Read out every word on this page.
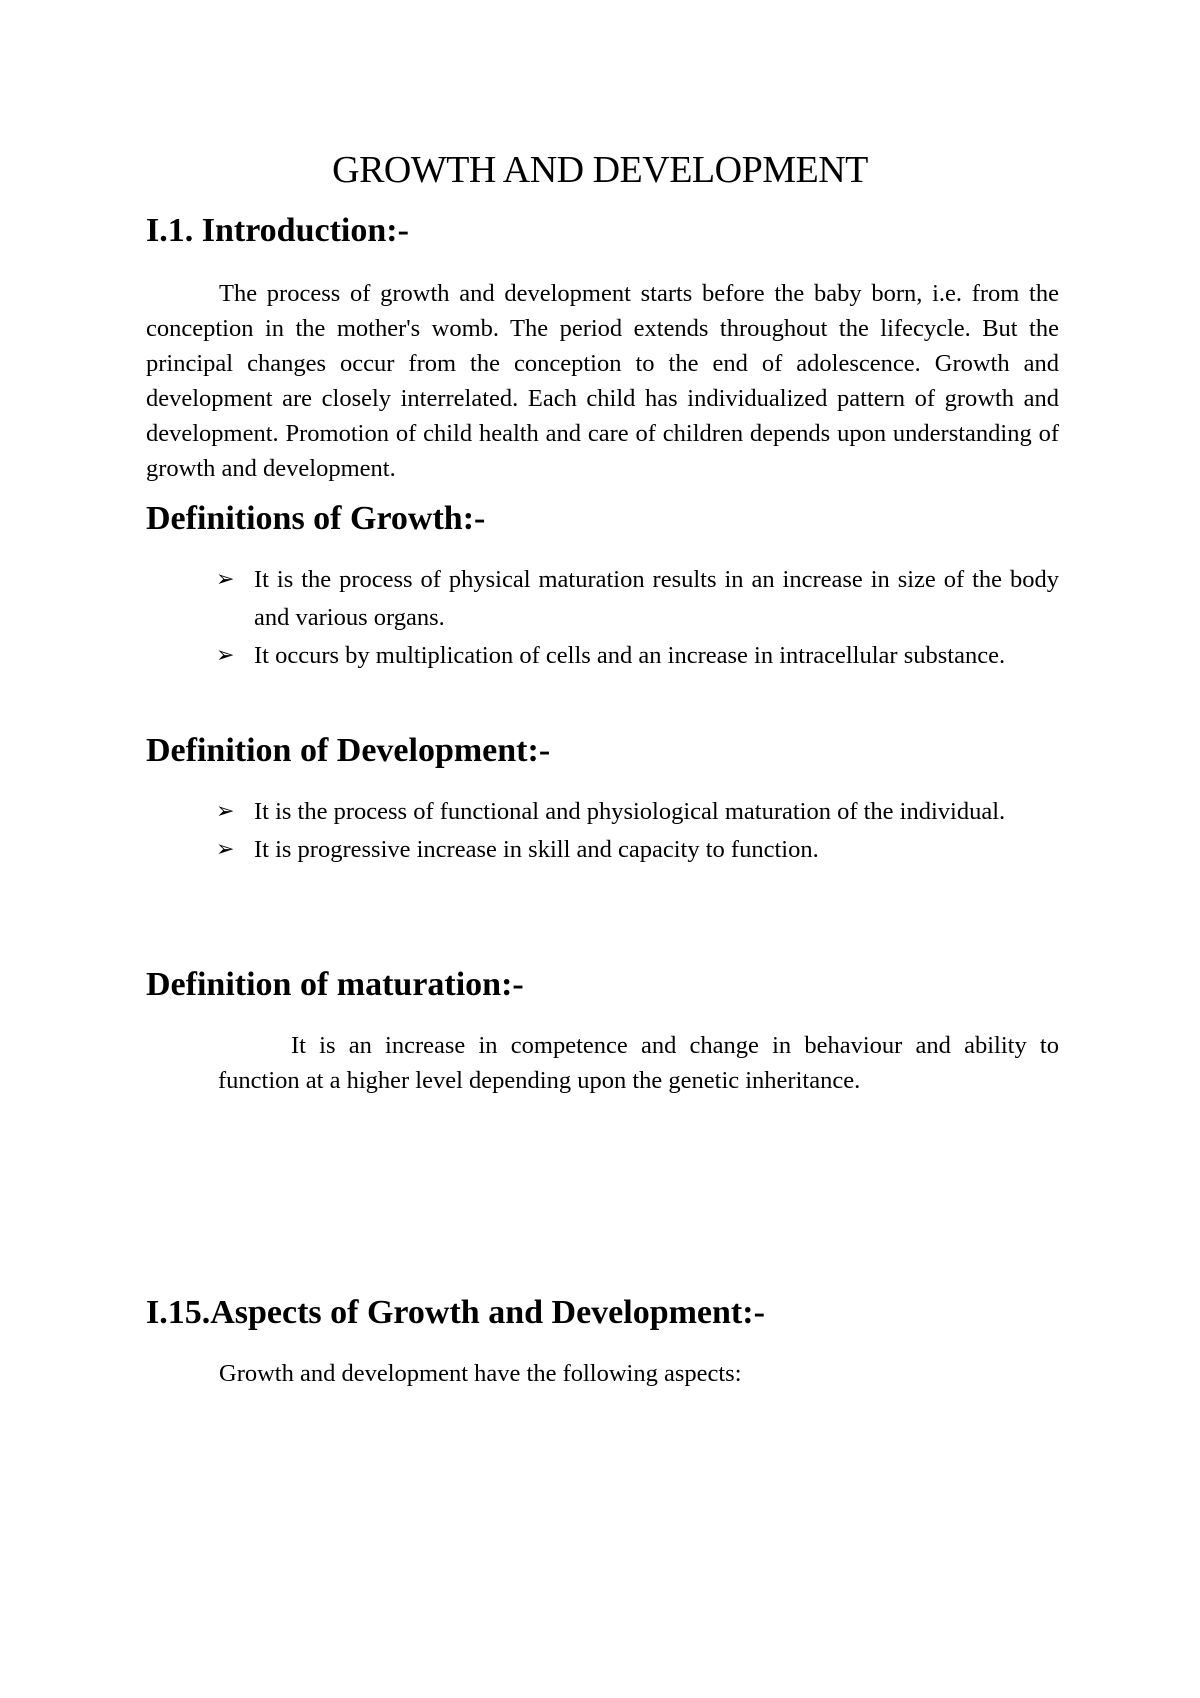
GROWTH AND DEVELOPMENT
I.1. Introduction:-

The process of growth and development starts before the baby born, i.e. from the conception in the mother's womb. The period extends throughout the lifecycle. But the principal changes occur from the conception to the end of adolescence. Growth and development are closely interrelated. Each child has individualized pattern of growth and development. Promotion of child health and care of children depends upon understanding of growth and development.

Definitions of Growth:-
➢ It is the process of physical maturation results in an increase in size of the body and various organs.
➢ It occurs by multiplication of cells and an increase in intracellular substance.
Definition of Development:-
➢ It is the process of functional and physiological maturation of the individual.
➢ It is progressive increase in skill and capacity to function.
Definition of maturation:-

It is an increase in competence and change in behaviour and ability to function at a higher level depending upon the genetic inheritance.

I.15.Aspects of Growth and Development:-

Growth and development have the following aspects:
